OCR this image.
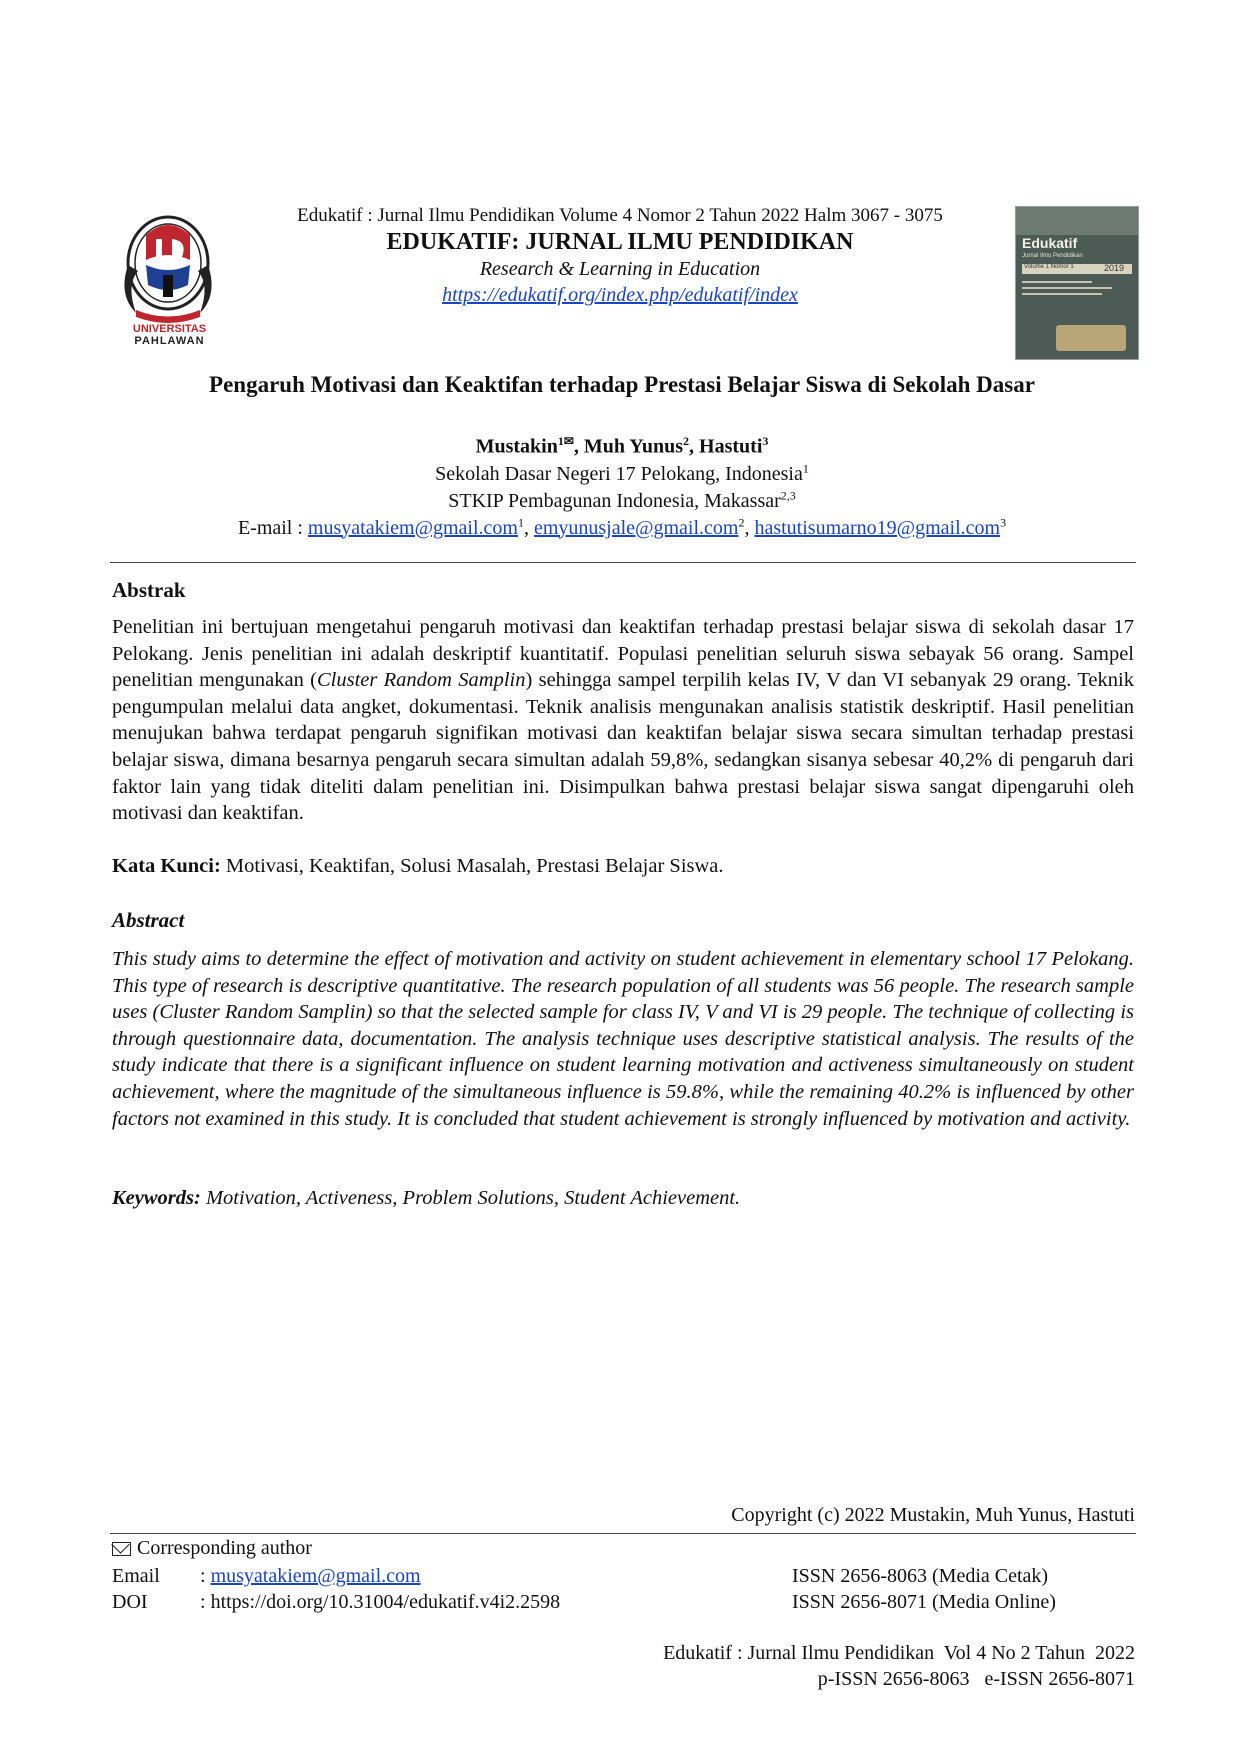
UNIVERSITAS
PAHLAWAN
Edukatif
Jurnal Ilmu Pendidikan
Volume 1 Nomor 1	2019
Edukatif : Jurnal Ilmu Pendidikan Volume 4 Nomor 2 Tahun 2022 Halm 3067 - 3075
EDUKATIF: JURNAL ILMU PENDIDIKAN
Research & Learning in Education
https://edukatif.org/index.php/edukatif/index
Pengaruh Motivasi dan Keaktifan terhadap Prestasi Belajar Siswa di Sekolah Dasar
Mustakin$^{1✉}$, Muh Yunus$^2$, Hastuti$^3$
Sekolah Dasar Negeri 17 Pelokang, Indonesia$^1$
STKIP Pembagunan Indonesia, Makassar$^{2,3}$
E-mail : musyatakiem@gmail.com$^1$, emyunusjale@gmail.com$^2$, hastutisumarno19@gmail.com$^3$
Abstrak
Penelitian ini bertujuan mengetahui pengaruh motivasi dan keaktifan terhadap prestasi belajar siswa di sekolah dasar 17 Pelokang. Jenis penelitian ini adalah deskriptif kuantitatif. Populasi penelitian seluruh siswa sebayak 56 orang. Sampel penelitian mengunakan (Cluster Random Samplin) sehingga sampel terpilih kelas IV, V dan VI sebanyak 29 orang. Teknik pengumpulan melalui data angket, dokumentasi. Teknik analisis mengunakan analisis statistik deskriptif. Hasil penelitian menujukan bahwa terdapat pengaruh signifikan motivasi dan keaktifan belajar siswa secara simultan terhadap prestasi belajar siswa, dimana besarnya pengaruh secara simultan adalah 59,8%, sedangkan sisanya sebesar 40,2% di pengaruh dari faktor lain yang tidak diteliti dalam penelitian ini. Disimpulkan bahwa prestasi belajar siswa sangat dipengaruhi oleh motivasi dan keaktifan.
Kata Kunci: Motivasi, Keaktifan, Solusi Masalah, Prestasi Belajar Siswa.
Abstract
This study aims to determine the effect of motivation and activity on student achievement in elementary school 17 Pelokang. This type of research is descriptive quantitative. The research population of all students was 56 people. The research sample uses (Cluster Random Samplin) so that the selected sample for class IV, V and VI is 29 people. The technique of collecting is through questionnaire data, documentation. The analysis technique uses descriptive statistical analysis. The results of the study indicate that there is a significant influence on student learning motivation and activeness simultaneously on student achievement, where the magnitude of the simultaneous influence is 59.8%, while the remaining 40.2% is influenced by other factors not examined in this study. It is concluded that student achievement is strongly influenced by motivation and activity.
Keywords: Motivation, Activeness, Problem Solutions, Student Achievement.
Copyright (c) 2022 Mustakin, Muh Yunus, Hastuti
Corresponding author
Email : musyatakiem@gmail.com
DOI	: https://doi.org/10.31004/edukatif.v4i2.2598
ISSN 2656-8063 (Media Cetak)
ISSN 2656-8071 (Media Online)
Edukatif : Jurnal Ilmu Pendidikan  Vol 4 No 2 Tahun  2022
p-ISSN 2656-8063   e-ISSN 2656-8071
